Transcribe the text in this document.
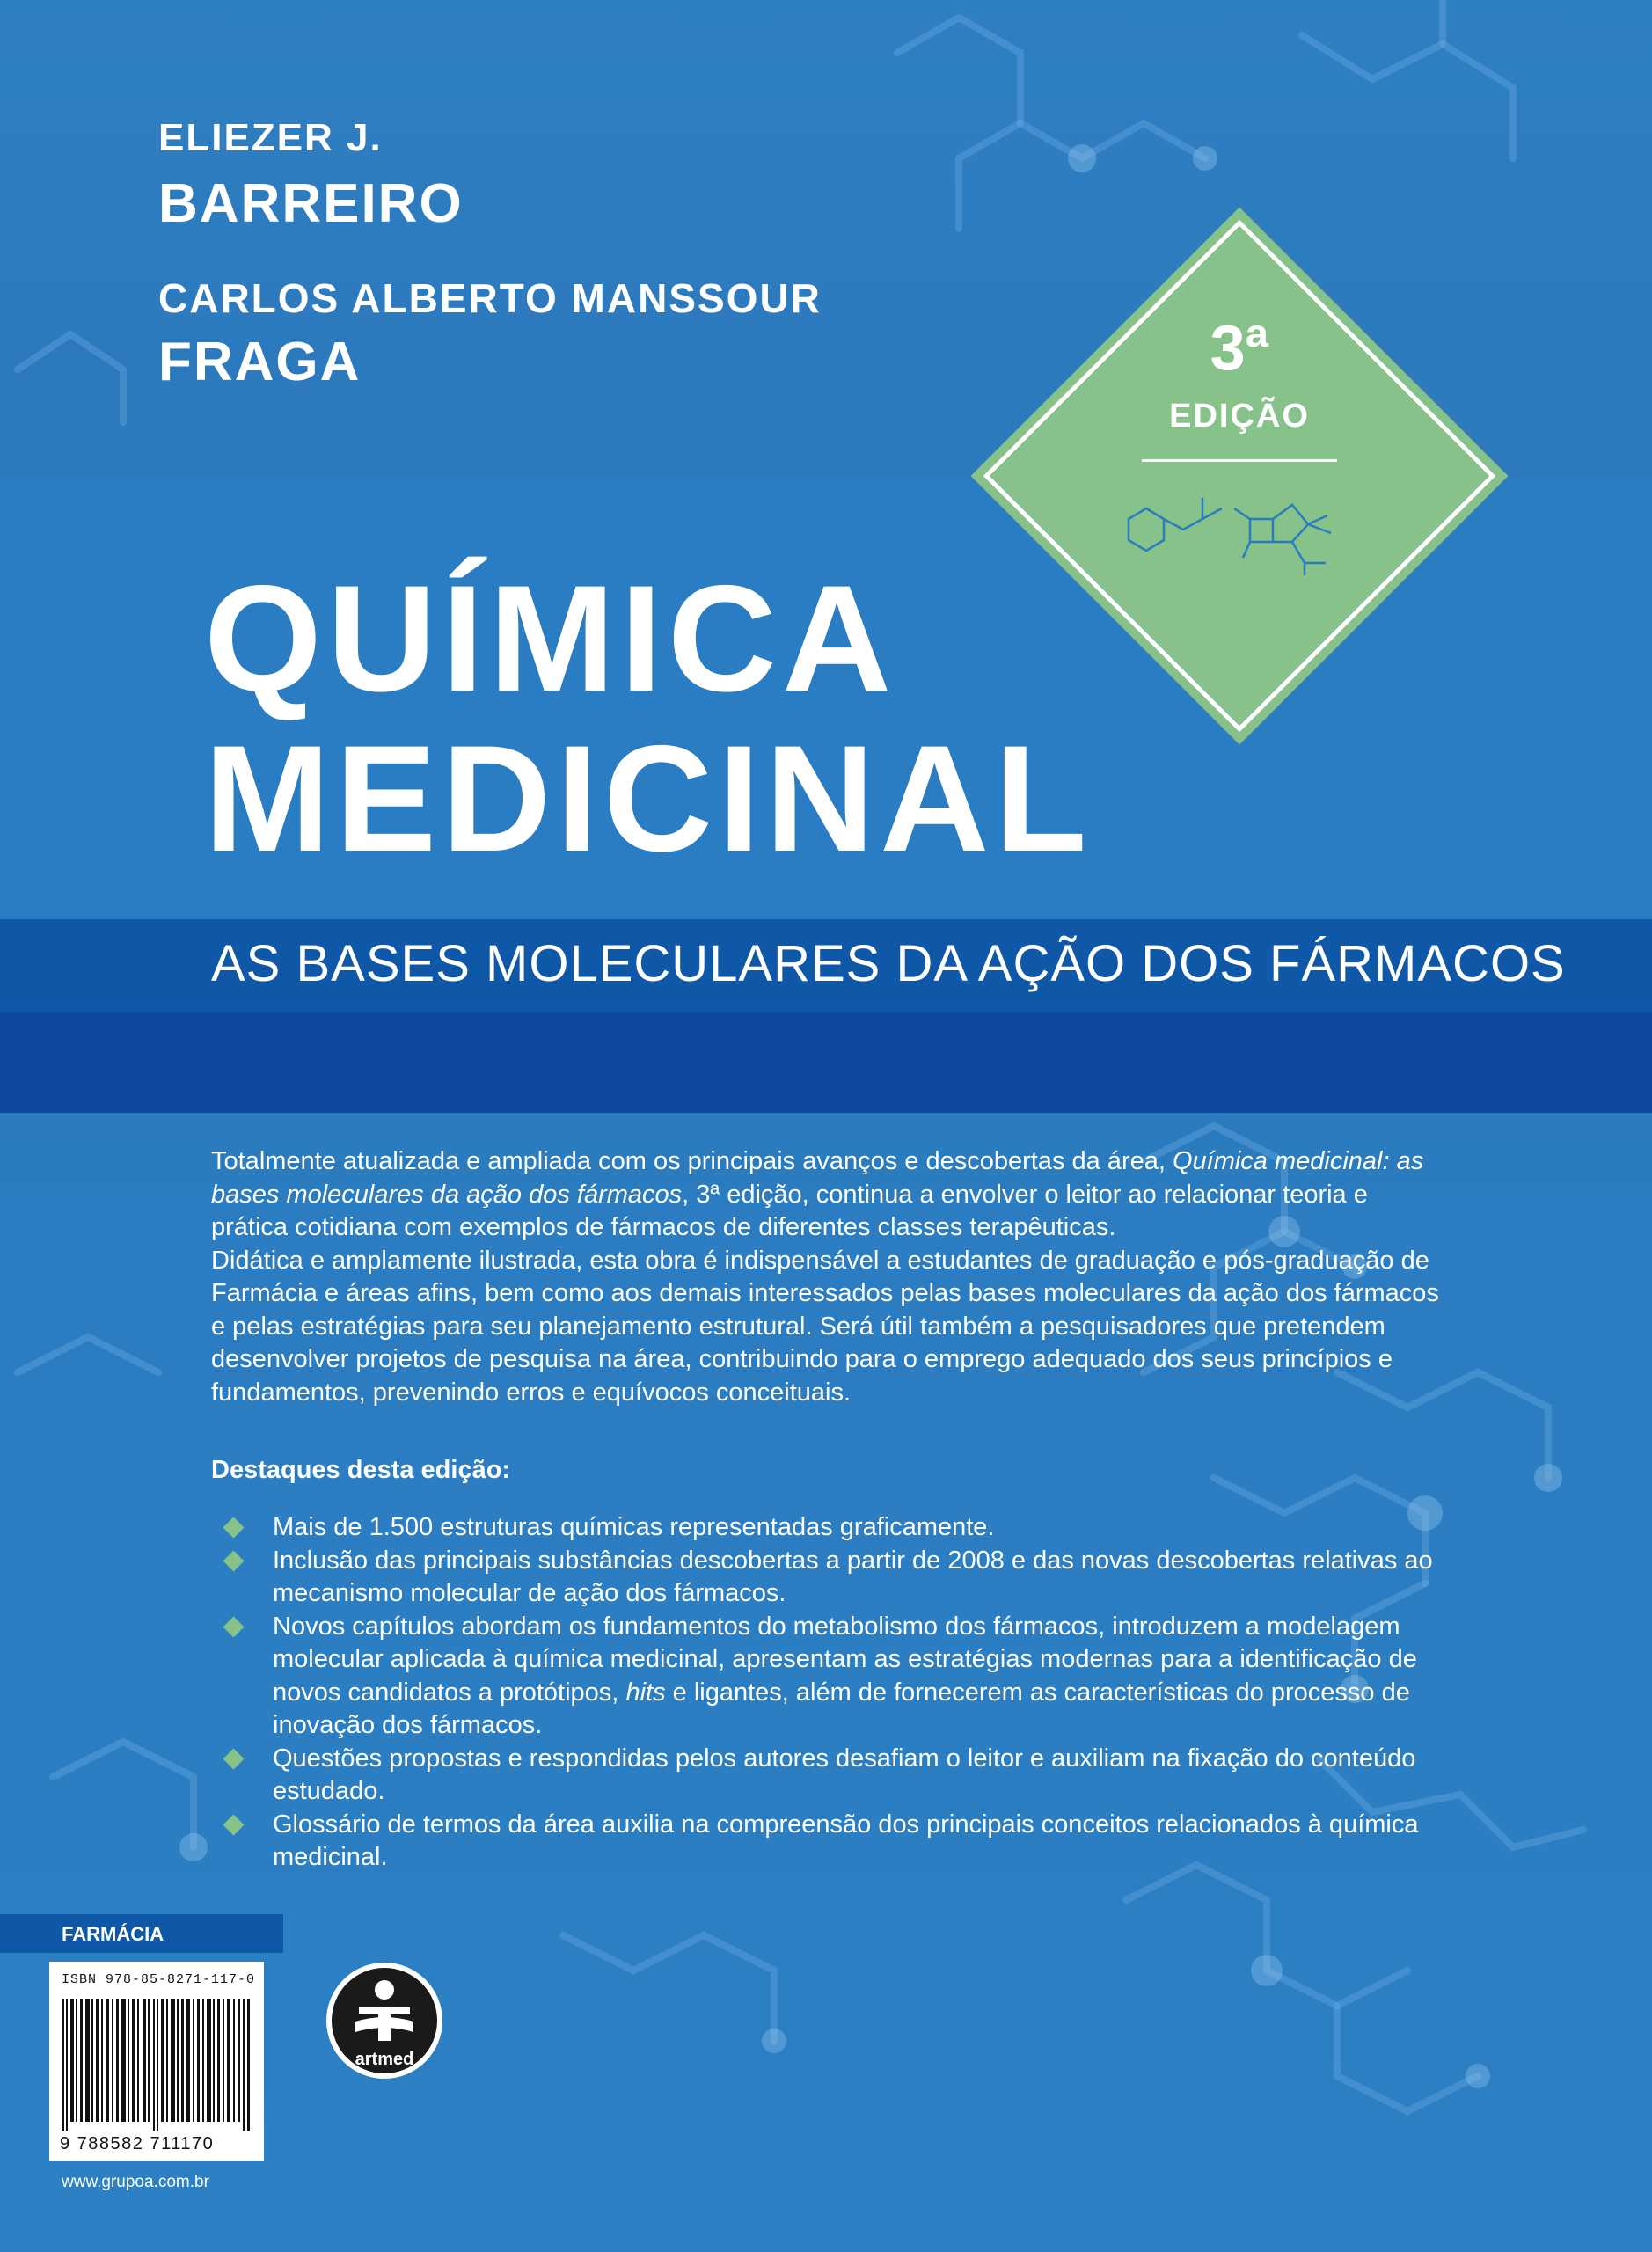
ELIEZER J.
BARREIRO
CARLOS ALBERTO MANSSOUR
FRAGA
QUÍMICA
MEDICINAL
AS BASES MOLECULARES DA AÇÃO DOS FÁRMACOS
3ª
EDIÇÃO

Totalmente atualizada e ampliada com os principais avanços e descobertas da área, Química medicinal: as bases moleculares da ação dos fármacos, 3ª edição, continua a envolver o leitor ao relacionar teoria e prática cotidiana com exemplos de fármacos de diferentes classes terapêuticas.

Didática e amplamente ilustrada, esta obra é indispensável a estudantes de graduação e pós-graduação de Farmácia e áreas afins, bem como aos demais interessados pelas bases moleculares da ação dos fármacos e pelas estratégias para seu planejamento estrutural. Será útil também a pesquisadores que pretendem desenvolver projetos de pesquisa na área, contribuindo para o emprego adequado dos seus princípios e fundamentos, prevenindo erros e equívocos conceituais.

Destaques desta edição:
Mais de 1.500 estruturas químicas representadas graficamente.
Inclusão das principais substâncias descobertas a partir de 2008 e das novas descobertas relativas ao mecanismo molecular de ação dos fármacos.
Novos capítulos abordam os fundamentos do metabolismo dos fármacos, introduzem a modelagem molecular aplicada à química medicinal, apresentam as estratégias modernas para a identificação de novos candidatos a protótipos, hits e ligantes, além de fornecerem as características do processo de inovação dos fármacos.
Questões propostas e respondidas pelos autores desafiam o leitor e auxiliam na fixação do conteúdo estudado.
Glossário de termos da área auxilia na compreensão dos principais conceitos relacionados à química medicinal.
FARMÁCIA
ISBN 978-85-8271-117-0
9 788582 711170
artmed
www.grupoa.com.br
